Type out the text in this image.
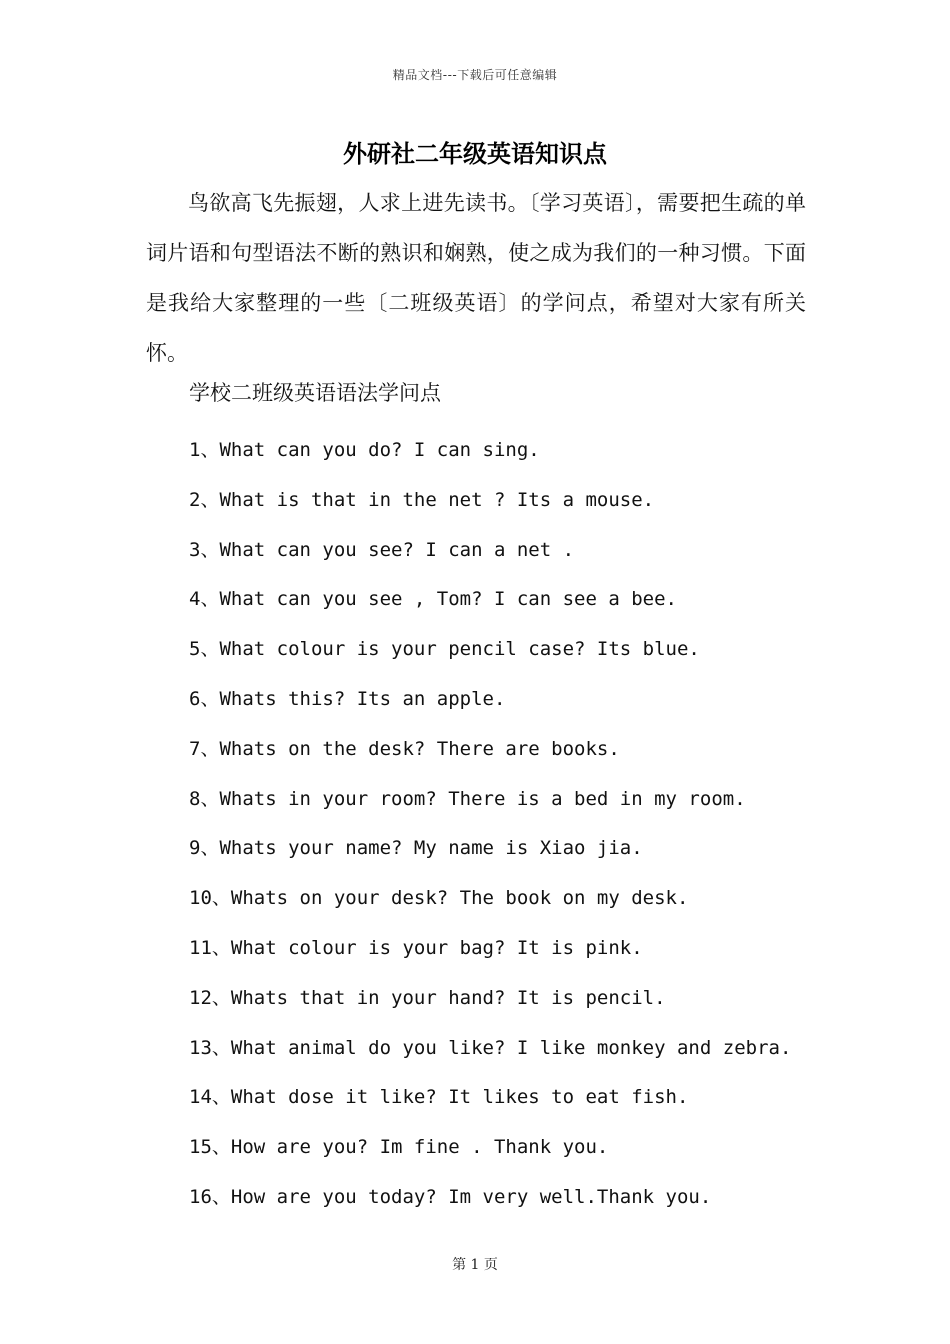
精品文档---下载后可任意编辑
外研社二年级英语知识点
鸟欲高飞先振翅，人求上进先读书。〔学习英语〕，需要把生疏的单词片语和句型语法不断的熟识和娴熟，使之成为我们的一种习惯。下面是我给大家整理的一些〔二班级英语〕的学问点，希望对大家有所关怀。
学校二班级英语语法学问点
1、What can you do? I can sing.
2、What is that in the net ? Its a mouse.
3、What can you see? I can a net .
4、What can you see , Tom? I can see a bee.
5、What colour is your pencil case? Its blue.
6、Whats this? Its an apple.
7、Whats on the desk? There are books.
8、Whats in your room? There is a bed in my room.
9、Whats your name? My name is Xiao jia.
10、Whats on your desk? The book on my desk.
11、What colour is your bag? It is pink.
12、Whats that in your hand? It is pencil.
13、What animal do you like? I like monkey and zebra.
14、What dose it like? It likes to eat fish.
15、How are you? Im fine . Thank you.
16、How are you today? Im very well.Thank you.
第 1 页
